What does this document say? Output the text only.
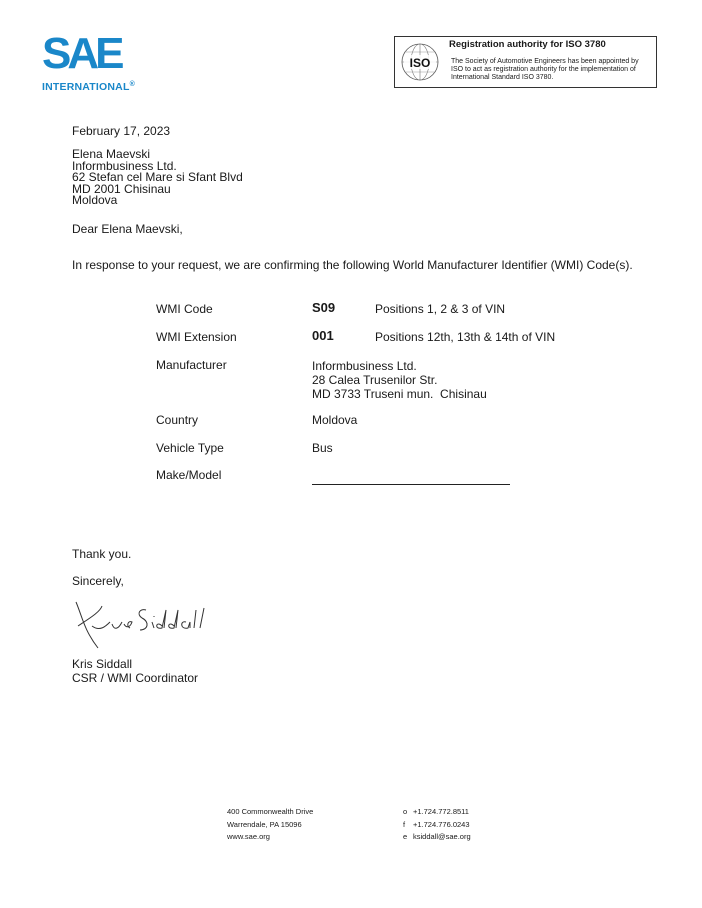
SAE
INTERNATIONAL®
ISO
Registration authority for ISO 3780
The Society of Automotive Engineers has been appointed by ISO to act as registration authority for the implementation of International Standard ISO 3780.
February 17, 2023
Elena Maevski
Informbusiness Ltd.
62 Stefan cel Mare si Sfant Blvd
MD 2001 Chisinau
Moldova
Dear Elena Maevski,
In response to your request, we are confirming the following World Manufacturer Identifier (WMI) Code(s).
WMI Code	S09	Positions 1, 2 & 3 of VIN
WMI Extension	001	Positions 12th, 13th & 14th of VIN
Manufacturer	Informbusiness Ltd.
28 Calea Trusenilor Str.
MD 3733 Truseni mun.  Chisinau
Country	Moldova
Vehicle Type	Bus
Make/Model
Thank you.
Sincerely,
Kris Siddall
CSR / WMI Coordinator
400 Commonwealth Drive
Warrendale, PA 15096
www.sae.org
o +1.724.772.8511
f +1.724.776.0243
e ksiddall@sae.org
